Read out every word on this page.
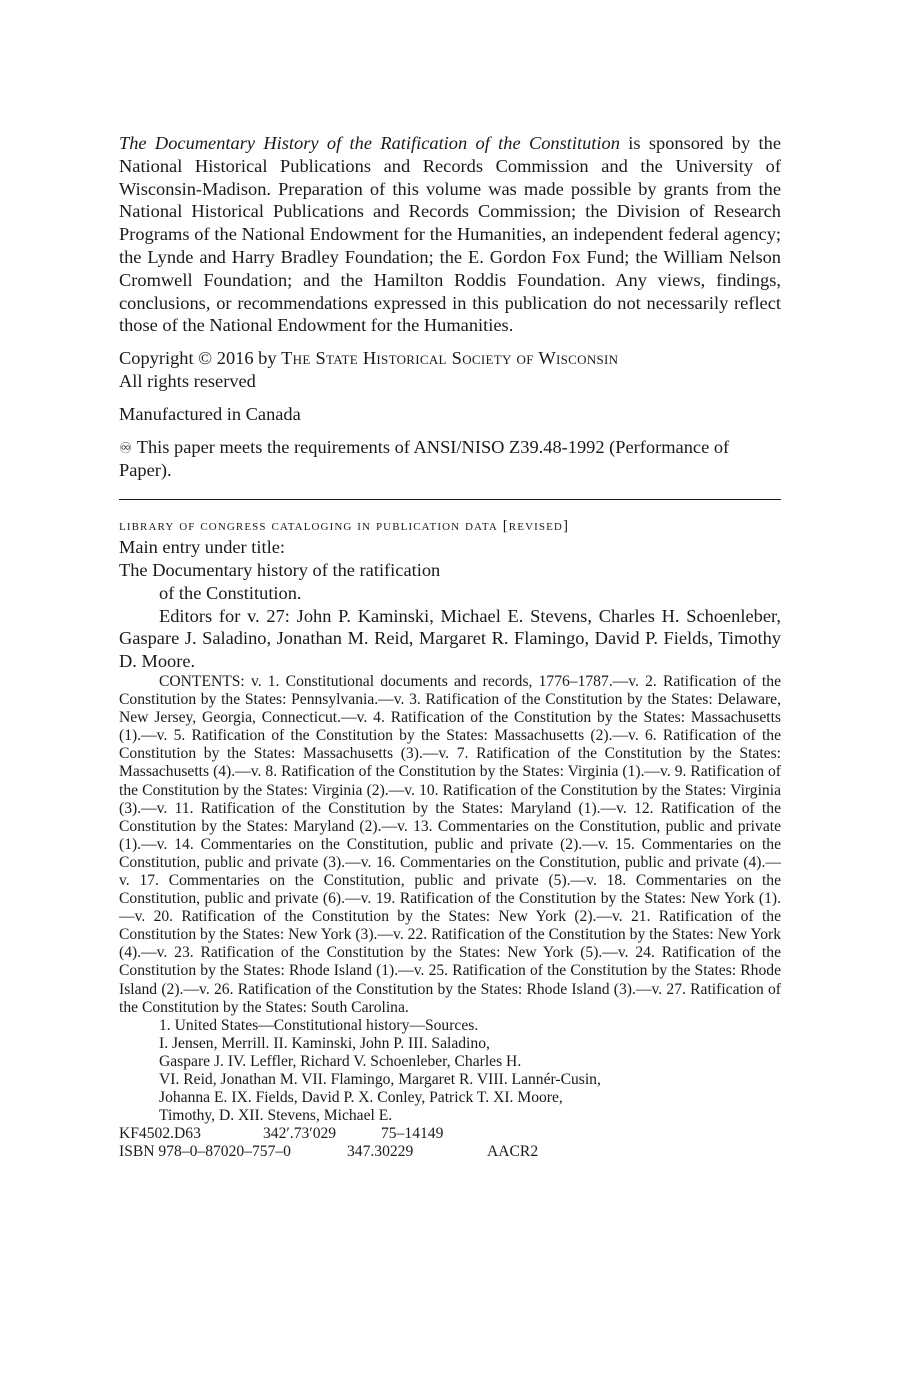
The Documentary History of the Ratification of the Constitution is sponsored by the National Historical Publications and Records Commission and the University of Wisconsin-Madison. Preparation of this volume was made possible by grants from the National Historical Publications and Records Commission; the Division of Research Programs of the National Endowment for the Humanities, an independent federal agency; the Lynde and Harry Bradley Foundation; the E. Gordon Fox Fund; the William Nelson Cromwell Foundation; and the Hamilton Roddis Foundation. Any views, findings, conclusions, or recommendations expressed in this publication do not necessarily reflect those of the National Endowment for the Humanities.

Copyright © 2016 by The State Historical Society of Wisconsin

All rights reserved

Manufactured in Canada

♾ This paper meets the requirements of ANSI/NISO Z39.48-1992 (Performance of Paper).

library of congress cataloging in publication data [revised]

Main entry under title:

The Documentary history of the ratification

of the Constitution.

Editors for v. 27: John P. Kaminski, Michael E. Stevens, Charles H. Schoenleber, Gaspare J. Saladino, Jonathan M. Reid, Margaret R. Flamingo, David P. Fields, Timothy D. Moore.

CONTENTS: v. 1. Constitutional documents and records, 1776–1787.—v. 2. Ratification of the Constitution by the States: Pennsylvania.—v. 3. Ratification of the Constitution by the States: Delaware, New Jersey, Georgia, Connecticut.—v. 4. Ratification of the Constitution by the States: Massachusetts (1).—v. 5. Ratification of the Constitution by the States: Massachusetts (2).—v. 6. Ratification of the Constitution by the States: Massachusetts (3).—v. 7. Ratification of the Constitution by the States: Massachusetts (4).—v. 8. Ratification of the Constitution by the States: Virginia (1).—v. 9. Ratification of the Constitution by the States: Virginia (2).—v. 10. Ratification of the Constitution by the States: Virginia (3).—v. 11. Ratification of the Constitution by the States: Maryland (1).—v. 12. Ratification of the Constitution by the States: Maryland (2).—v. 13. Commentaries on the Constitution, public and private (1).—v. 14. Commentaries on the Constitution, public and private (2).—v. 15. Commentaries on the Constitution, public and private (3).—v. 16. Commentaries on the Constitution, public and private (4).—v. 17. Commentaries on the Constitution, public and private (5).—v. 18. Commentaries on the Constitution, public and private (6).—v. 19. Ratification of the Constitution by the States: New York (1).—v. 20. Ratification of the Constitution by the States: New York (2).—v. 21. Ratification of the Constitution by the States: New York (3).—v. 22. Ratification of the Constitution by the States: New York (4).—v. 23. Ratification of the Constitution by the States: New York (5).—v. 24. Ratification of the Constitution by the States: Rhode Island (1).—v. 25. Ratification of the Constitution by the States: Rhode Island (2).—v. 26. Ratification of the Constitution by the States: Rhode Island (3).—v. 27. Ratification of the Constitution by the States: South Carolina.

1. United States—Constitutional history—Sources.

I. Jensen, Merrill. II. Kaminski, John P. III. Saladino,

Gaspare J. IV. Leffler, Richard V. Schoenleber, Charles H.

VI. Reid, Jonathan M. VII. Flamingo, Margaret R. VIII. Lannér-Cusin,

Johanna E. IX. Fields, David P. X. Conley, Patrick T. XI. Moore,

Timothy, D. XII. Stevens, Michael E.

KF4502.D63	342′.73′029	75–14149
ISBN 978–0–87020–757–0	347.30229	AACR2
